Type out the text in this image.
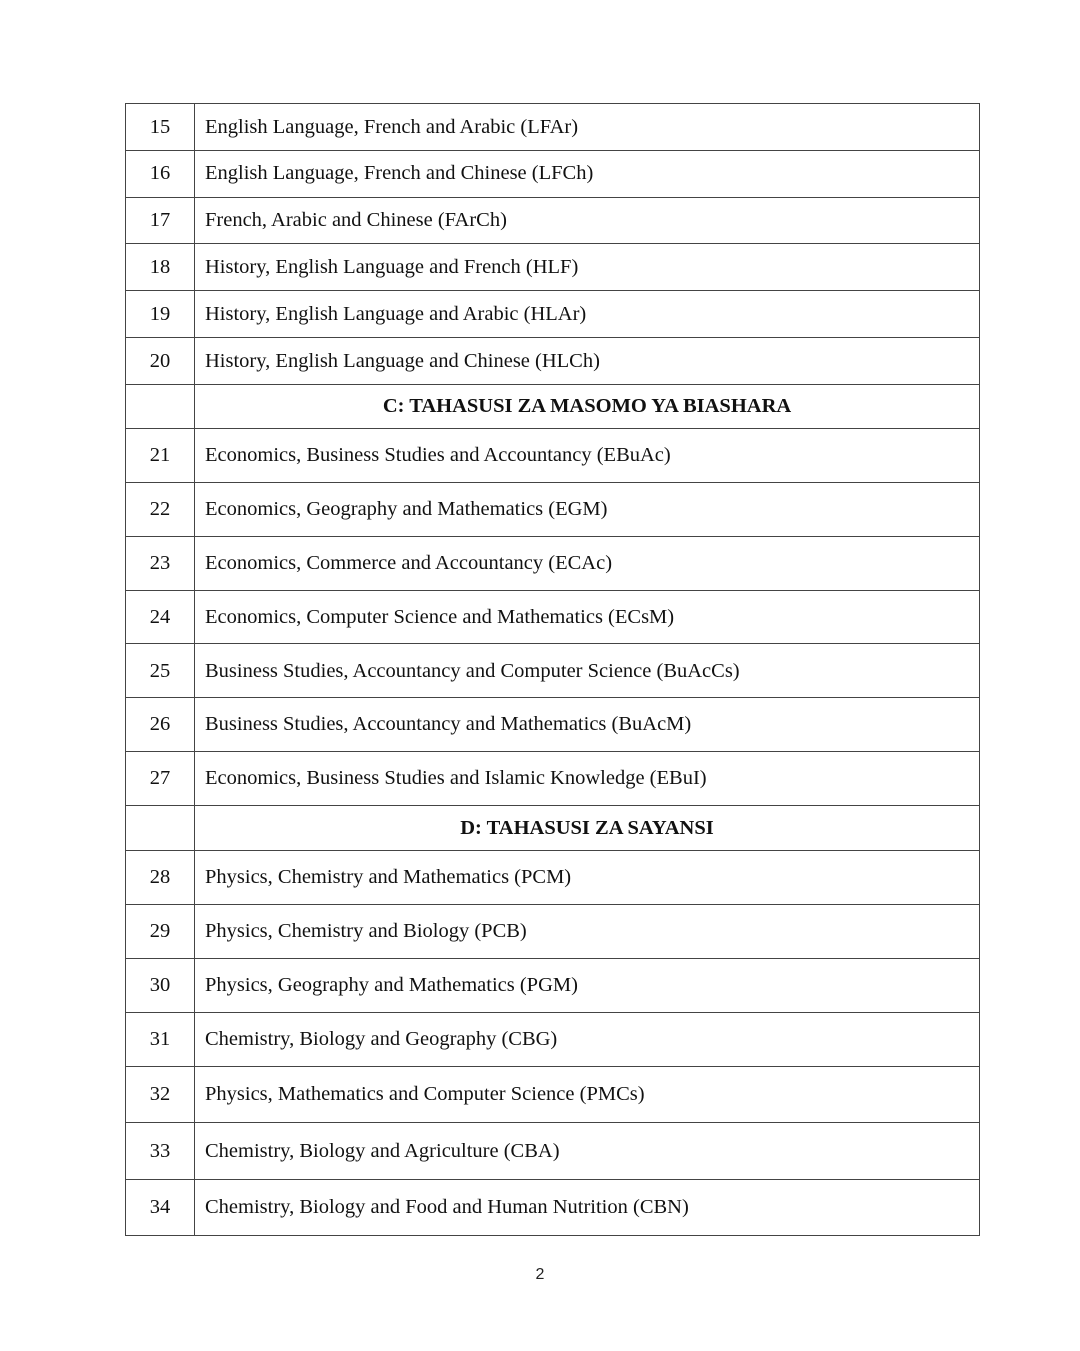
15	English Language, French and Arabic (LFAr)
16	English Language, French and Chinese (LFCh)
17	French, Arabic and Chinese (FArCh)
18	History, English Language and French (HLF)
19	History, English Language and Arabic (HLAr)
20	History, English Language and Chinese (HLCh)
	C: TAHASUSI ZA MASOMO YA BIASHARA
21	Economics, Business Studies and Accountancy (EBuAc)
22	Economics, Geography and Mathematics (EGM)
23	Economics, Commerce and Accountancy (ECAc)
24	Economics, Computer Science and Mathematics (ECsM)
25	Business Studies, Accountancy and Computer Science (BuAcCs)
26	Business Studies, Accountancy and Mathematics (BuAcM)
27	Economics, Business Studies and Islamic Knowledge (EBuI)
	D: TAHASUSI ZA SAYANSI
28	Physics, Chemistry and Mathematics (PCM)
29	Physics, Chemistry and Biology (PCB)
30	Physics, Geography and Mathematics (PGM)
31	Chemistry, Biology and Geography (CBG)
32	Physics, Mathematics and Computer Science (PMCs)
33	Chemistry, Biology and Agriculture (CBA)
34	Chemistry, Biology and Food and Human Nutrition (CBN)
2
